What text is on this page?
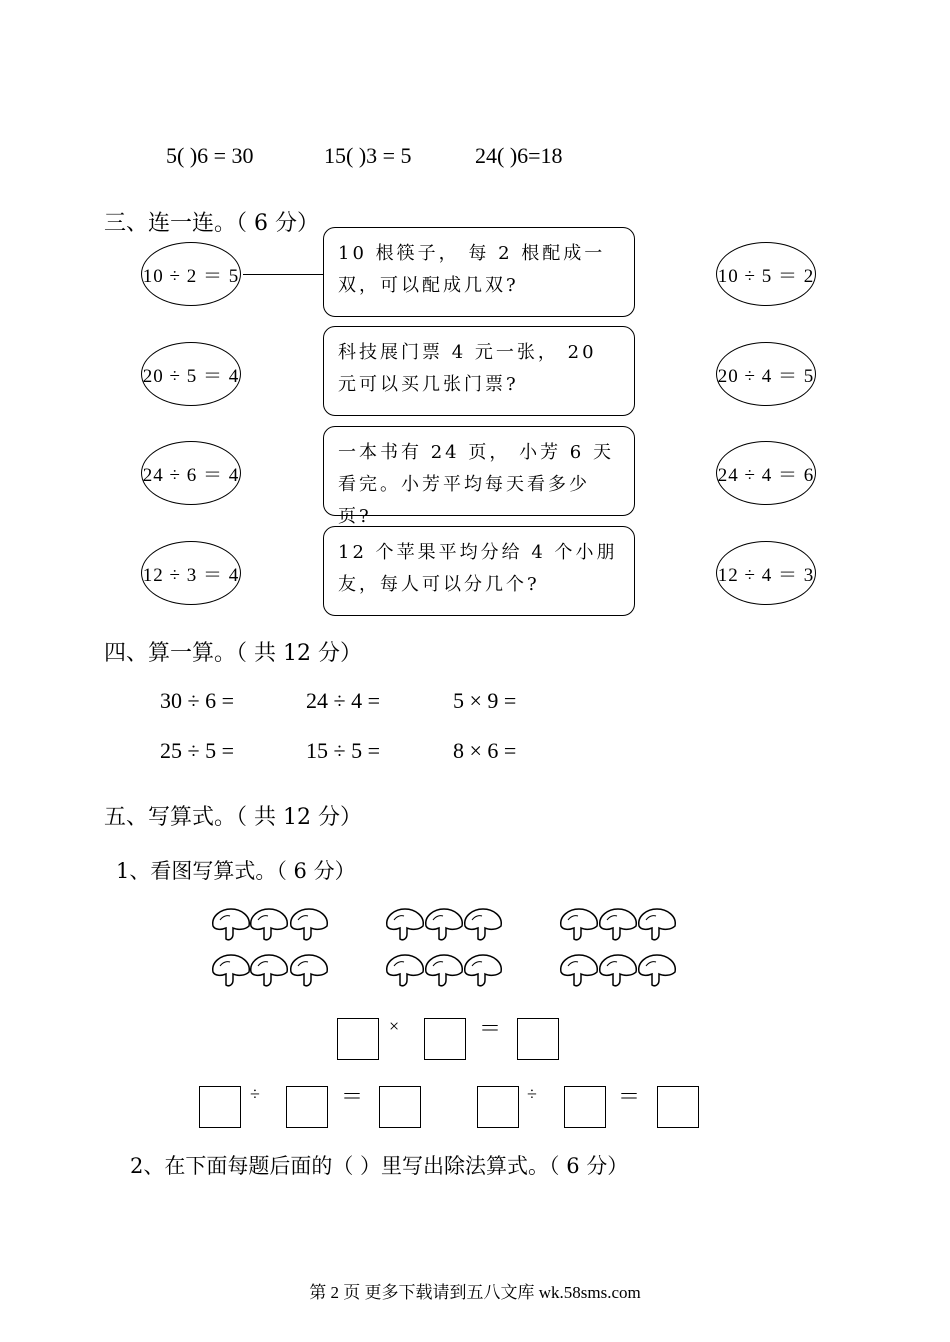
5( )6 = 30	15( )3 = 5	24( )6=18
三、连一连。（ 6 分）
10 ÷ 2 ＝ 5
20 ÷ 5 ＝ 4
24 ÷ 6 ＝ 4
12 ÷ 3 ＝ 4
10 根筷子， 每 2 根配成一双，可以配成几双?
科技展门票 4 元一张， 20 元可以买几张门票?
一本书有 24 页， 小芳 6 天看完。小芳平均每天看多少页?
12 个苹果平均分给 4 个小朋友，每人可以分几个?
10 ÷ 5 ＝ 2
20 ÷ 4 ＝ 5
24 ÷ 4 ＝ 6
12 ÷ 4 ＝ 3
四、算一算。（ 共 12 分）
30 ÷ 6 =	24 ÷ 4 =	5 × 9 =
25 ÷ 5 =	15 ÷ 5 =	8 × 6 =
五、写算式。（ 共 12 分）
1、看图写算式。（ 6 分）
×	＝
÷	＝	÷	＝
2、在下面每题后面的（ ）里写出除法算式。（ 6 分）
第 2 页 更多下载请到五八文库 wk.58sms.com
